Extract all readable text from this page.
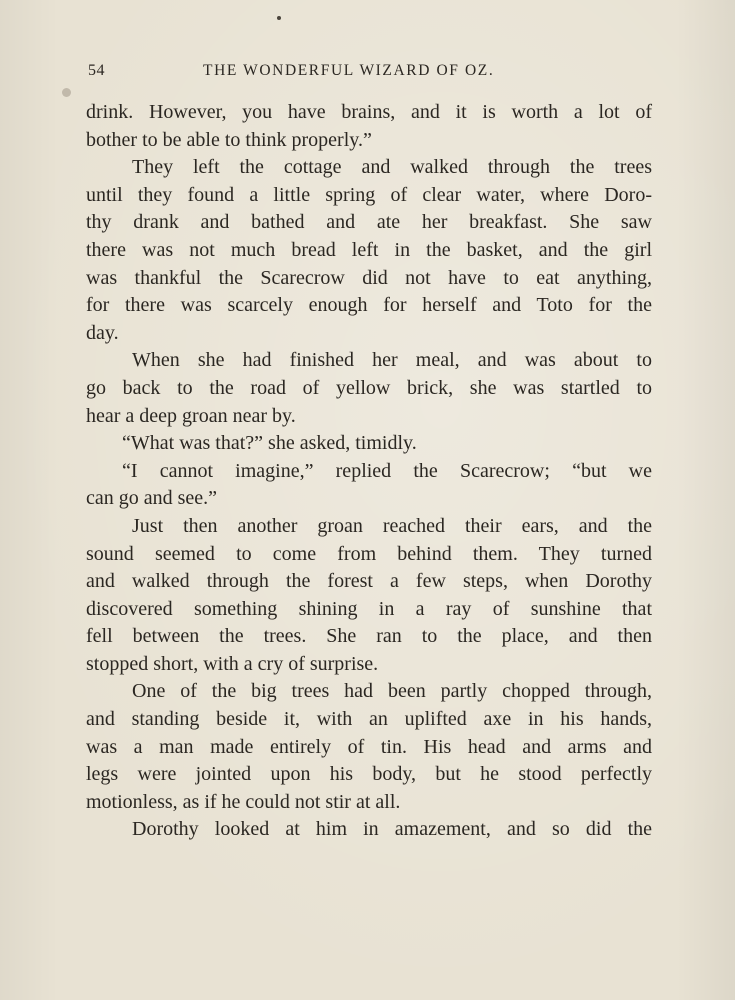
54	THE WONDERFUL WIZARD OF OZ.
drink. However, you have brains, and it is worth a lot of
bother to be able to think properly.”
They left the cottage and walked through the trees
until they found a little spring of clear water, where Doro-
thy drank and bathed and ate her breakfast. She saw
there was not much bread left in the basket, and the girl
was thankful the Scarecrow did not have to eat anything,
for there was scarcely enough for herself and Toto for the
day.
When she had finished her meal, and was about to
go back to the road of yellow brick, she was startled to
hear a deep groan near by.
“What was that?” she asked, timidly.
“I cannot imagine,” replied the Scarecrow; “but we
can go and see.”
Just then another groan reached their ears, and the
sound seemed to come from behind them. They turned
and walked through the forest a few steps, when Dorothy
discovered something shining in a ray of sunshine that
fell between the trees. She ran to the place, and then
stopped short, with a cry of surprise.
One of the big trees had been partly chopped through,
and standing beside it, with an uplifted axe in his hands,
was a man made entirely of tin. His head and arms and
legs were jointed upon his body, but he stood perfectly
motionless, as if he could not stir at all.
Dorothy looked at him in amazement, and so did the
